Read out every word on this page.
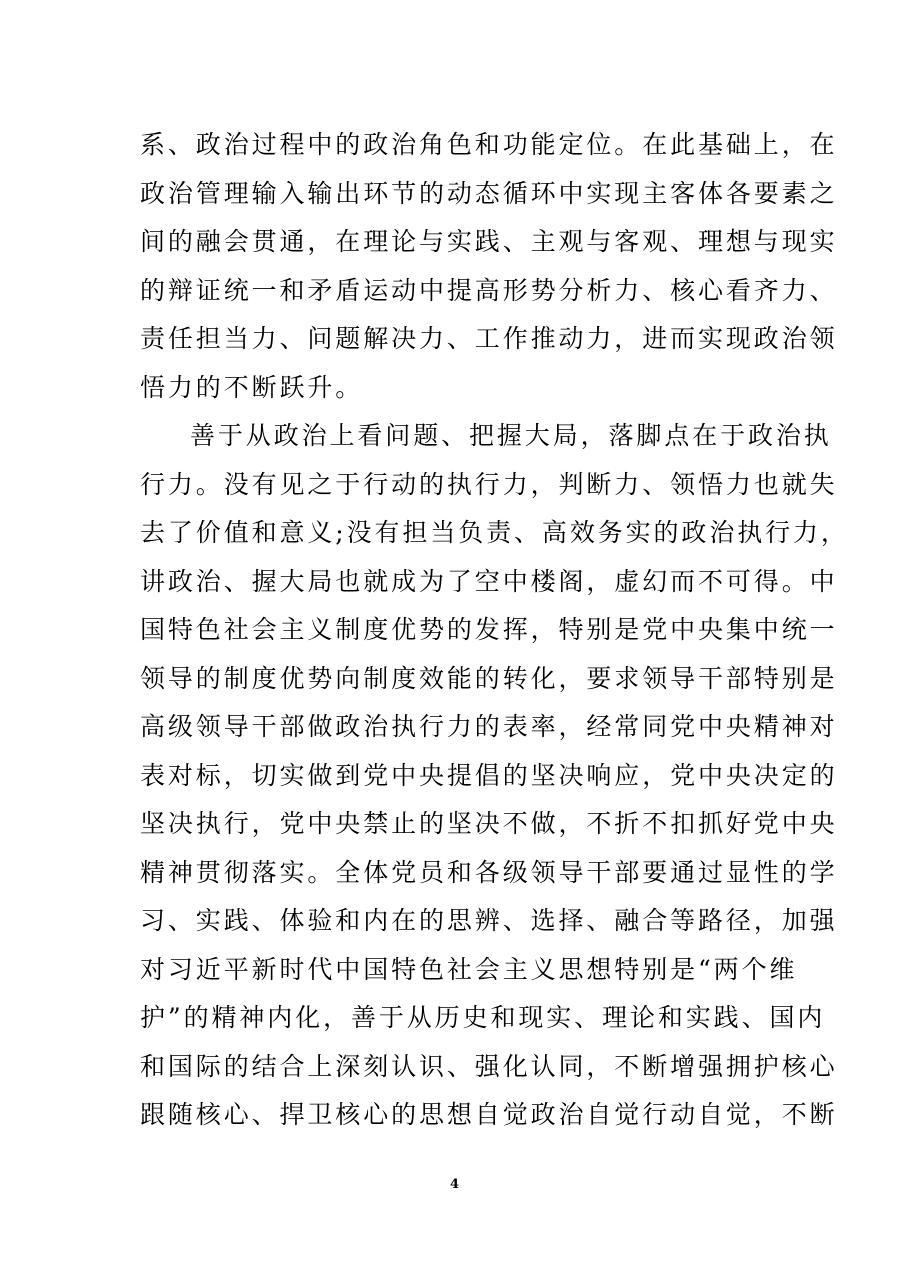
系、政治过程中的政治角色和功能定位。在此基础上，在
政治管理输入输出环节的动态循环中实现主客体各要素之
间的融会贯通，在理论与实践、主观与客观、理想与现实
的辩证统一和矛盾运动中提高形势分析力、核心看齐力、
责任担当力、问题解决力、工作推动力，进而实现政治领
悟力的不断跃升。
善于从政治上看问题、把握大局，落脚点在于政治执
行力。没有见之于行动的执行力，判断力、领悟力也就失
去了价值和意义;没有担当负责、高效务实的政治执行力，
讲政治、握大局也就成为了空中楼阁，虚幻而不可得。中
国特色社会主义制度优势的发挥，特别是党中央集中统一
领导的制度优势向制度效能的转化，要求领导干部特别是
高级领导干部做政治执行力的表率，经常同党中央精神对
表对标，切实做到党中央提倡的坚决响应，党中央决定的
坚决执行，党中央禁止的坚决不做，不折不扣抓好党中央
精神贯彻落实。全体党员和各级领导干部要通过显性的学
习、实践、体验和内在的思辨、选择、融合等路径，加强
对习近平新时代中国特色社会主义思想特别是“两个维
护”的精神内化，善于从历史和现实、理论和实践、国内
和国际的结合上深刻认识、强化认同，不断增强拥护核心
跟随核心、捍卫核心的思想自觉政治自觉行动自觉，不断
4
